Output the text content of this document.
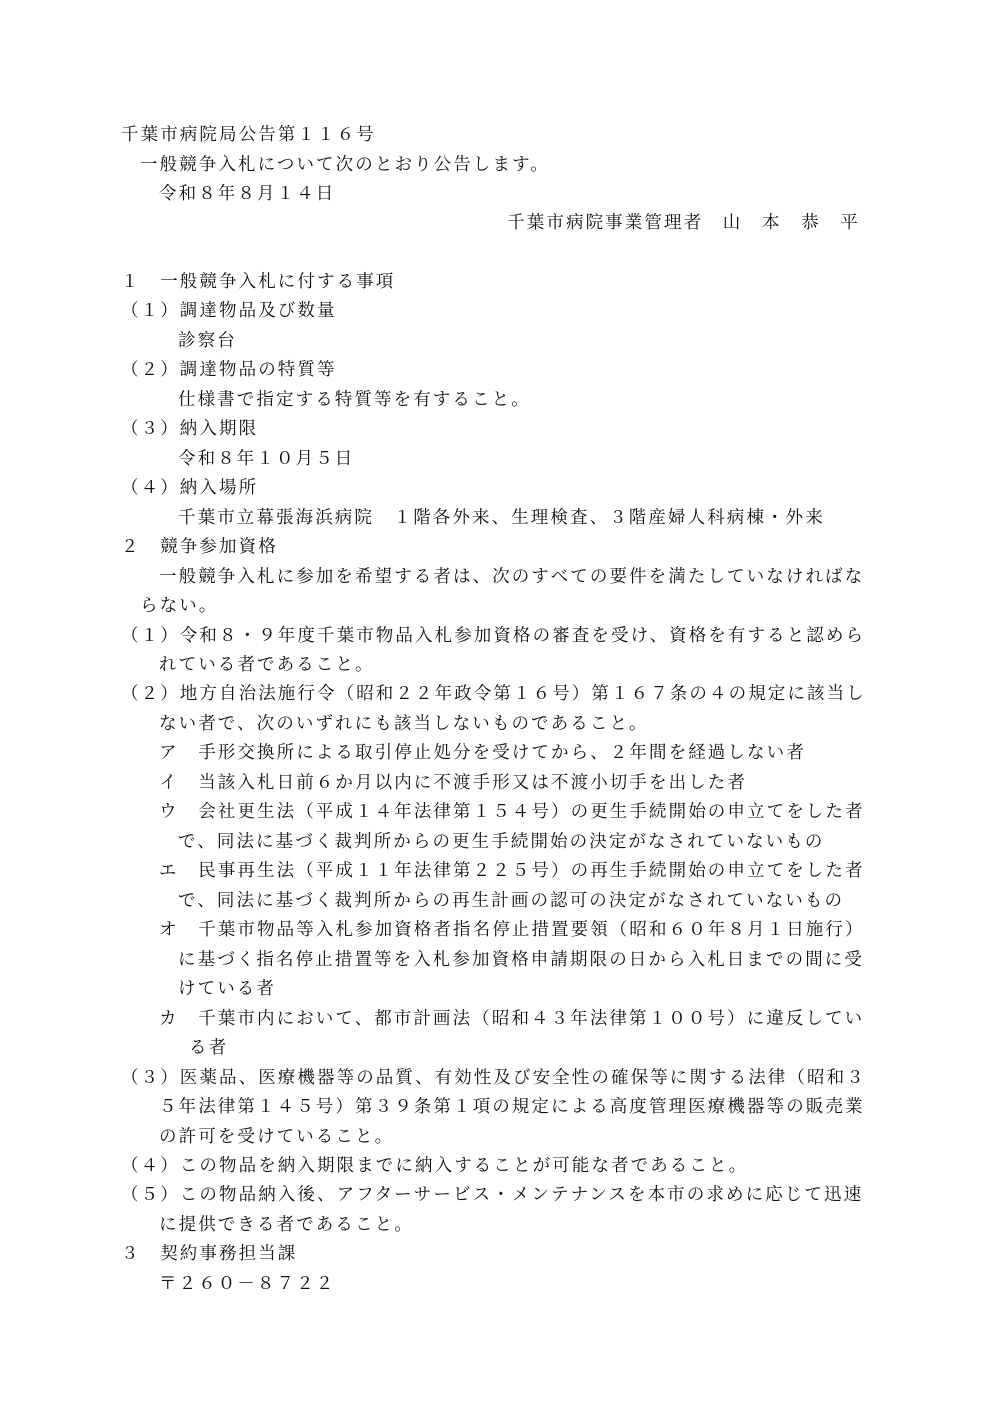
千葉市病院局公告第１１６号
一般競争入札について次のとおり公告します。
令和８年８月１４日
千葉市病院事業管理者　山　本　恭　平
１　一般競争入札に付する事項
（１）調達物品及び数量
診察台
（２）調達物品の特質等
仕様書で指定する特質等を有すること。
（３）納入期限
令和８年１０月５日
（４）納入場所
千葉市立幕張海浜病院　１階各外来、生理検査、３階産婦人科病棟・外来
２　競争参加資格
一般競争入札に参加を希望する者は、次のすべての要件を満たしていなければな
らない。
（１）令和８・９年度千葉市物品入札参加資格の審査を受け、資格を有すると認めら
れている者であること。
（２）地方自治法施行令（昭和２２年政令第１６号）第１６７条の４の規定に該当し
ない者で、次のいずれにも該当しないものであること。
ア　手形交換所による取引停止処分を受けてから、２年間を経過しない者
イ　当該入札日前６か月以内に不渡手形又は不渡小切手を出した者
ウ　会社更生法（平成１４年法律第１５４号）の更生手続開始の申立てをした者
で、同法に基づく裁判所からの更生手続開始の決定がなされていないもの
エ　民事再生法（平成１１年法律第２２５号）の再生手続開始の申立てをした者
で、同法に基づく裁判所からの再生計画の認可の決定がなされていないもの
オ　千葉市物品等入札参加資格者指名停止措置要領（昭和６０年８月１日施行）
に基づく指名停止措置等を入札参加資格申請期限の日から入札日までの間に受
けている者
カ　千葉市内において、都市計画法（昭和４３年法律第１００号）に違反してい
る者
（３）医薬品、医療機器等の品質、有効性及び安全性の確保等に関する法律（昭和３
５年法律第１４５号）第３９条第１項の規定による高度管理医療機器等の販売業
の許可を受けていること。
（４）この物品を納入期限までに納入することが可能な者であること。
（５）この物品納入後、アフターサービス・メンテナンスを本市の求めに応じて迅速
に提供できる者であること。
３　契約事務担当課
〒２６０－８７２２
